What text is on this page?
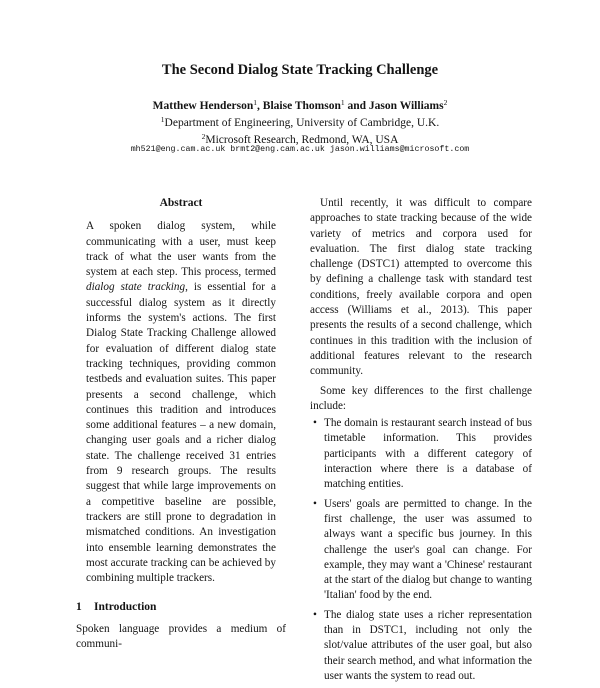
The Second Dialog State Tracking Challenge
Matthew Henderson$^1$, Blaise Thomson$^1$ and Jason Williams$^2$
$^1$Department of Engineering, University of Cambridge, U.K.
$^2$Microsoft Research, Redmond, WA, USA
mh521@eng.cam.ac.uk brmt2@eng.cam.ac.uk jason.williams@microsoft.com

Abstract

A spoken dialog system, while communicating with a user, must keep track of what the user wants from the system at each step. This process, termed dialog state tracking, is essential for a successful dialog system as it directly informs the system's actions. The first Dialog State Tracking Challenge allowed for evaluation of different dialog state tracking techniques, providing common testbeds and evaluation suites. This paper presents a second challenge, which continues this tradition and introduces some additional features – a new domain, changing user goals and a richer dialog state. The challenge received 31 entries from 9 research groups. The results suggest that while large improvements on a competitive baseline are possible, trackers are still prone to degradation in mismatched conditions. An investigation into ensemble learning demonstrates the most accurate tracking can be achieved by combining multiple trackers.

1 Introduction

Spoken language provides a medium of communi-

Until recently, it was difficult to compare approaches to state tracking because of the wide variety of metrics and corpora used for evaluation. The first dialog state tracking challenge (DSTC1) attempted to overcome this by defining a challenge task with standard test conditions, freely available corpora and open access (Williams et al., 2013). This paper presents the results of a second challenge, which continues in this tradition with the inclusion of additional features relevant to the research community.

Some key differences to the first challenge include:

• The domain is restaurant search instead of bus timetable information. This provides participants with a different category of interaction where there is a database of matching entities.
• Users' goals are permitted to change. In the first challenge, the user was assumed to always want a specific bus journey. In this challenge the user's goal can change. For example, they may want a 'Chinese' restaurant at the start of the dialog but change to wanting 'Italian' food by the end.
• The dialog state uses a richer representation than in DSTC1, including not only the slot/value attributes of the user goal, but also their search method, and what information the user wants the system to read out.
